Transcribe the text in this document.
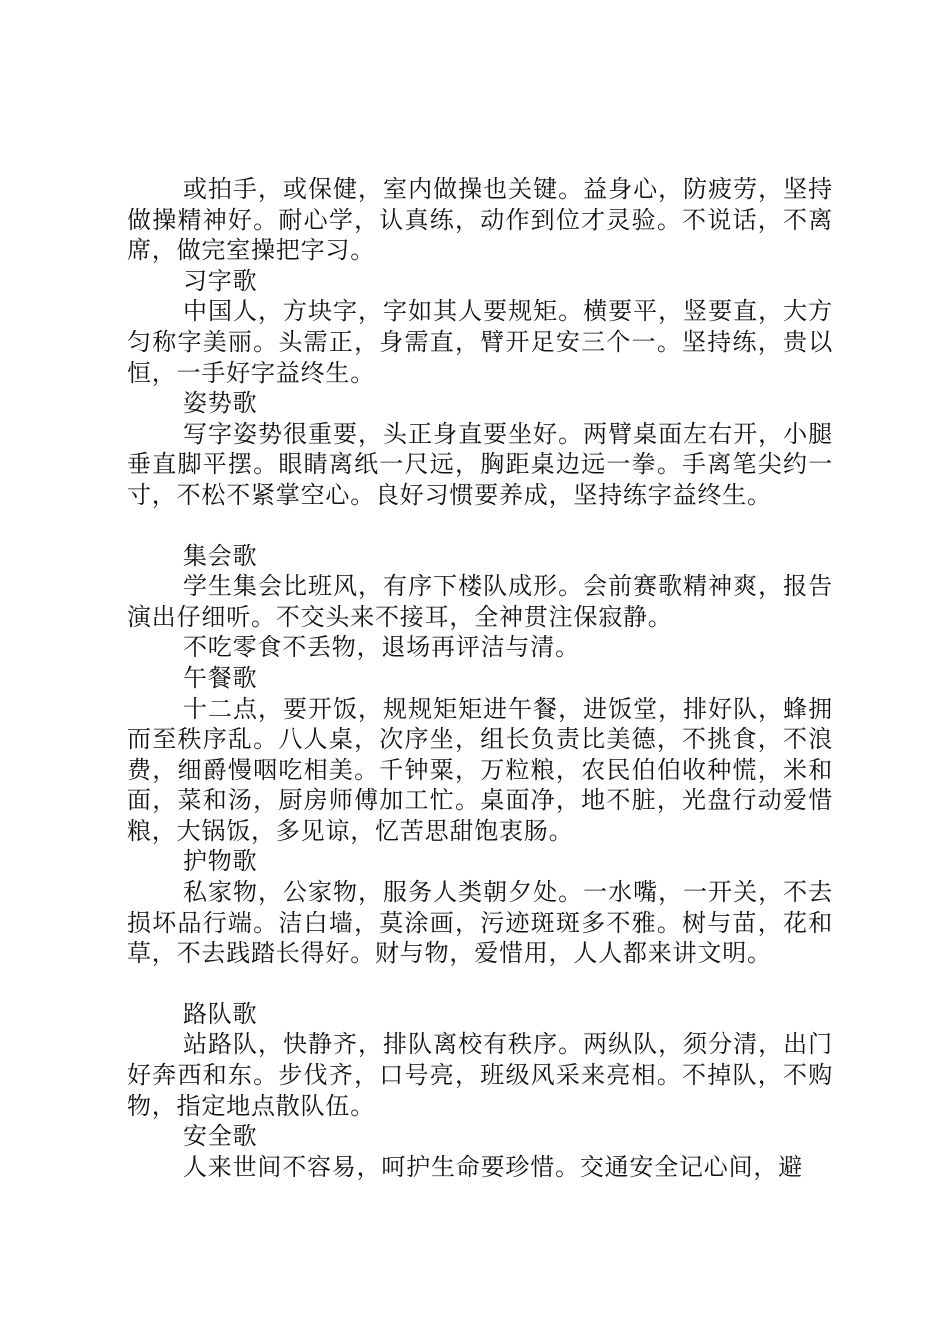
或拍手，或保健，室内做操也关键。益身心，防疲劳，坚持做操精神好。耐心学，认真练，动作到位才灵验。不说话，不离席，做完室操把字习。

习字歌

中国人，方块字，字如其人要规矩。横要平，竖要直，大方匀称字美丽。头需正，身需直，臂开足安三个一。坚持练，贵以恒，一手好字益终生。

姿势歌

写字姿势很重要，头正身直要坐好。两臂桌面左右开，小腿垂直脚平摆。眼睛离纸一尺远，胸距桌边远一拳。手离笔尖约一寸，不松不紧掌空心。良好习惯要养成，坚持练字益终生。

集会歌

学生集会比班风，有序下楼队成形。会前赛歌精神爽，报告演出仔细听。不交头来不接耳，全神贯注保寂静。

不吃零食不丢物，退场再评洁与清。

午餐歌

十二点，要开饭，规规矩矩进午餐，进饭堂，排好队，蜂拥而至秩序乱。八人桌，次序坐，组长负责比美德，不挑食，不浪费，细爵慢咽吃相美。千钟粟，万粒粮，农民伯伯收种慌，米和面，菜和汤，厨房师傅加工忙。桌面净，地不脏，光盘行动爱惜粮，大锅饭，多见谅，忆苦思甜饱衷肠。

护物歌

私家物，公家物，服务人类朝夕处。一水嘴，一开关，不去损坏品行端。洁白墙，莫涂画，污迹斑斑多不雅。树与苗，花和草，不去践踏长得好。财与物，爱惜用，人人都来讲文明。

路队歌

站路队，快静齐，排队离校有秩序。两纵队，须分清，出门好奔西和东。步伐齐，口号亮，班级风采来亮相。不掉队，不购物，指定地点散队伍。

安全歌

人来世间不容易，呵护生命要珍惜。交通安全记心间，避
